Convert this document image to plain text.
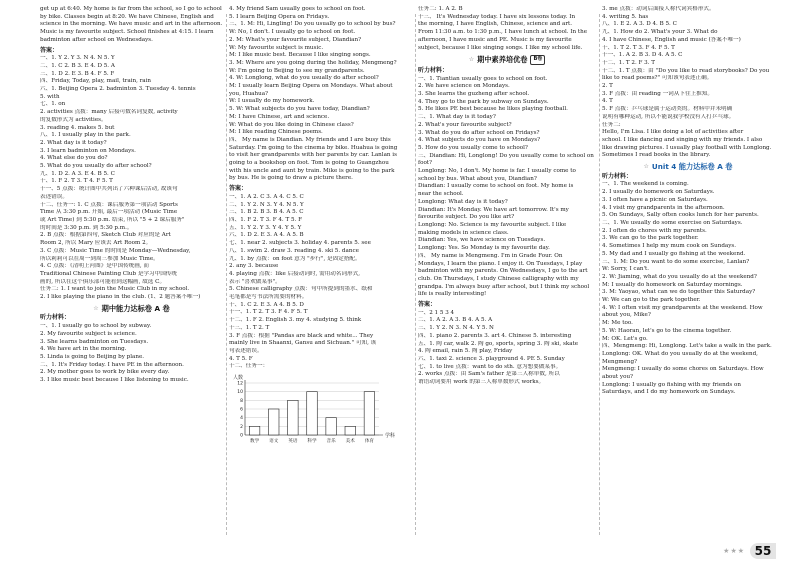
get up at 6:40. My home is far from the school, so I go to school
by bike. Classes begin at 8:20. We have Chinese, English and
science in the morning. We have music and art in the afternoon.
Music is my favourite subject. School finishes at 4:15. I learn
badminton after school on Wednesdays.
答案：
一、1. Y 2. Y 3. N 4. N 5. Y
二、1. C 2. B 3. E 4. D 5. A
三、1. D 2. E 3. B 4. F 5. F
四、Friday, Today, play, mail, train, rain
六、1. Beijing Opera 2. badminton 3. Tuesday 4. tennis
5. with
七、1. on
2. activities 点拨：many 后接可数名词复数, activity
的复数形式为 activities。
3. reading 4. makes 5. but
八、1. I usually play in the park.
2. What day is it today?
3. I learn badminton on Mondays.
4. What else do you do?
5. What do you usually do after school?
九、1. D 2. A 3. E 4. B 5. C
十、1. F 2. T 3. T 4. F 5. T
十一、5 点拨：统计图中共列出了六种课后活动, 故该句
表述错误。
十二、任务一: 1. C 点拨：课后服务第一项活动 Sports
Time 从 3:30 p.m. 开始, 最后一项活动 (Music Time
或 Art Time) 到 5:30 p.m. 结束, 所以 "5 + 2 课后服务"
的时间是 3:30 p.m. 到 5:30 p.m.。
2. B 点拨：根据第四句, Sketch Club 对应的是 Art
Room 2, 所以 Mary 应该去 Art Room 2。
3. C 点拨：Music Time 的时间是 Monday—Wednesday,
所以莉莉可以在周一到周三参加 Music Time。
4. C 点拨：《清明上河图》是中国传统画, 而
Traditional Chinese Painting Club 是学习中国传统
画的, 所以在这个俱乐部可能看到这幅画, 故选 C。
任务二: 1. I want to join the Music Club in my school.
2. I like playing the piano in the club. (1、2 题答案不唯一)
☆ 期中能力达标卷 A 卷
听力材料：
一、1. I usually go to school by subway.
2. My favourite subject is science.
3. She learns badminton on Tuesdays.
4. We have art in the morning.
5. Linda is going to Beijing by plane.
二、1. It's Friday today. I have PE in the afternoon.
2. My mother goes to work by bike every day.
3. I like music best because I like listening to music.
4. My friend Sam usually goes to school on foot.
5. I learn Beijing Opera on Fridays.
三、1. M: Hi, Lingling! Do you usually go to school by bus?
W: No, I don't. I usually go to school on foot.
2. M: What's your favourite subject, Diandian?
W: My favourite subject is music.
M: I like music best. Because I like singing songs.
3. M: Where are you going during the holiday, Mengmeng?
W: I'm going to Beijing to see my grandparents.
4. W: Longlong, what do you usually do after school?
M: I usually learn Beijing Opera on Mondays. What about
you, Huahua?
W: I usually do my homework.
5. W: What subjects do you have today, Diandian?
M: I have Chinese, art and science.
W: What do you like doing in Chinese class?
M: I like reading Chinese poems.
四、 My name is Diandian. My friends and I are busy this
Saturday. I'm going to the cinema by bike. Huahua is going
to visit her grandparents with her parents by car. Lanlan is
going to a bookshop on foot. Tom is going to Guangzhou
with his uncle and aunt by train. Mike is going to the park
by bus. He is going to draw a picture there.
答案：
一、1. A 2. C 3. A 4. C 5. C
二、1. Y 2. N 3. Y 4. N 5. Y
三、1. B 2. B 3. B 4. A 5. C
四、1. F 2. T 3. F 4. T 5. F
五、1. Y 2. Y 3. Y 4. Y 5. Y
六、1. D 2. E 3. A 4. A 5. B
七、1. near 2. subjects 3. holiday 4. parents 5. see
八、1. swim 2. draw 3. reading 4. ski 5. dance
九、1. by 点拨：on foot 意为 "步行", 是固定搭配。
2. any 3. because
4. playing 点拨：like 后接动词时, 需用动名词形式,
表示 "喜欢做某事"。
5. Chinese calligraphy 点拨：句中所提到的墨水、纸和
毛笔都是写书法所需要的材料。
十、1. C 2. E 3. A 4. B 5. D
十一、1. T 2. T 3. F 4. F 5. T
十二、1. F 2. English 3. my 4. studying 5. think
十三、1. T 2. T
3. F 点拨：根据 "Pandas are black and white... They
mainly live in Shaanxi, Gansu and Sichuan." 可知, 该
句表述错误。
4. T 5. F
十二、任务一：
0
2
4
6
8
10
12
人数
学科
数学 语文 英语 科学 音乐 美术 体育
任务二: 1. A 2. B
十三、 It's Wednesday today. I have six lessons today. In
the morning, I have English, Chinese, science and art.
From 11:30 a.m. to 1:30 p.m., I have lunch at school. In the
afternoon, I have music and PE. Music is my favourite
subject, because I like singing songs. I like my school life.
☆ 期中素养培优卷	B卷
听力材料：
一、1. Tiantian usually goes to school on foot.
2. We have science on Mondays.
3. She learns the guzheng after school.
4. They go to the park by subway on Sundays.
5. He likes PE best because he likes playing football.
二、1. What day is it today?
2. What's your favourite subject?
3. What do you do after school on Fridays?
4. What subjects do you have on Mondays?
5. How do you usually come to school?
三、Diandian: Hi, Longlong! Do you usually come to school on
foot?
Longlong: No, I don't. My home is far. I usually come to
school by bus. What about you, Diandian?
Diandian: I usually come to school on foot. My home is
near the school.
Longlong: What day is it today?
Diandian: It's Monday. We have art tomorrow. It's my
favourite subject. Do you like art?
Longlong: No. Science is my favourite subject. I like
making models in science class.
Diandian: Yes, we have science on Tuesdays.
Longlong: Yes. So Monday is my favourite day.
四、 My name is Mengmeng. I'm in Grade Four. On
Mondays, I learn the piano. I enjoy it. On Tuesdays, I play
badminton with my parents. On Wednesdays, I go to the art
club. On Thursdays, I study Chinese calligraphy with my
grandpa. I'm always busy after school, but I think my school
life is really interesting!
答案：
一、2 1 5 3 4
二、1. A 2. A 3. B 4. A 5. A
三、1. Y 2. N 3. N 4. Y 5. N
四、1. piano 2. parents 3. art 4. Chinese 5. interesting
五、1. 陶 car, walk 2. 陶 go, sports, spring 3. 陶 ski, skate
4. 陶 email, rain 5. 陶 play, Friday
六、1. taxi 2. science 3. playground 4. PE 5. Sunday
七、1. to live 点拨：want to do sth. 意为想要做某事。
2. works 点拨：由 Sam's father 是第三人称单数, 所以
谓语动词要用 work 的第三人称单数形式 works。
3. me 点拨：动词后面接人称代词宾格形式。
4. writing 5. has
八、1. E 2. A 3. D 4. B 5. C
九、1. How do 2. What's your 3. What do
4. I have Chinese, English and music (答案不唯一)
十、1. T 2. T 3. F 4. F 5. T
十一、1. A 2. B 3. D 4. A 5. C
十二、1. T 2. F 3. T
十二、1. T 点拨：由 "Do you like to read storybooks? Do you
like to read poems?" 可知该句表述正确。
2. T
3. F 点拨：由 reading 一词从下往上推知。
4. T
5. F 点拨：乒乓球是属于运动类的。材料中并未明确
说明有哪种运动, 所以不能说我学校没有人打乒乓球。
任务二:
Hello, I'm Lisa. I like doing a lot of activities after
school. I like dancing and singing with my friends. I also
like drawing pictures. I usually play football with Longlong.
Sometimes I read books in the library.
☆ Unit 4 能力达标卷 A 卷
听力材料：
一、1. The weekend is coming.
2. I usually do homework on Saturdays.
3. I often have a picnic on Saturdays.
4. I visit my grandparents in the afternoon.
5. On Sundays, Sally often cooks lunch for her parents.
二、1. We usually do some exercise on Saturdays.
2. I often do chores with my parents.
3. We can go to the park together.
4. Sometimes I help my mum cook on Sundays.
5. My dad and I usually go fishing at the weekend.
三、1. M: Do you want to do some exercise, Lanlan?
W: Sorry, I can't.
2. W: Jiaming, what do you usually do at the weekend?
M: I usually do homework on Saturday mornings.
3. M: Yaoyao, what can we do together this Saturday?
W: We can go to the park together.
4. W: I often visit my grandparents at the weekend. How
about you, Mike?
M: Me too.
5. W: Haoran, let's go to the cinema together.
M: OK. Let's go.
四、Mengmeng: Hi, Longlong. Let's take a walk in the park.
Longlong: OK. What do you usually do at the weekend,
Mengmeng?
Mengmeng: I usually do some chores on Saturdays. How
about you?
Longlong: I usually go fishing with my friends on
Saturdays, and I do my homework on Sundays.
★★★ 55
